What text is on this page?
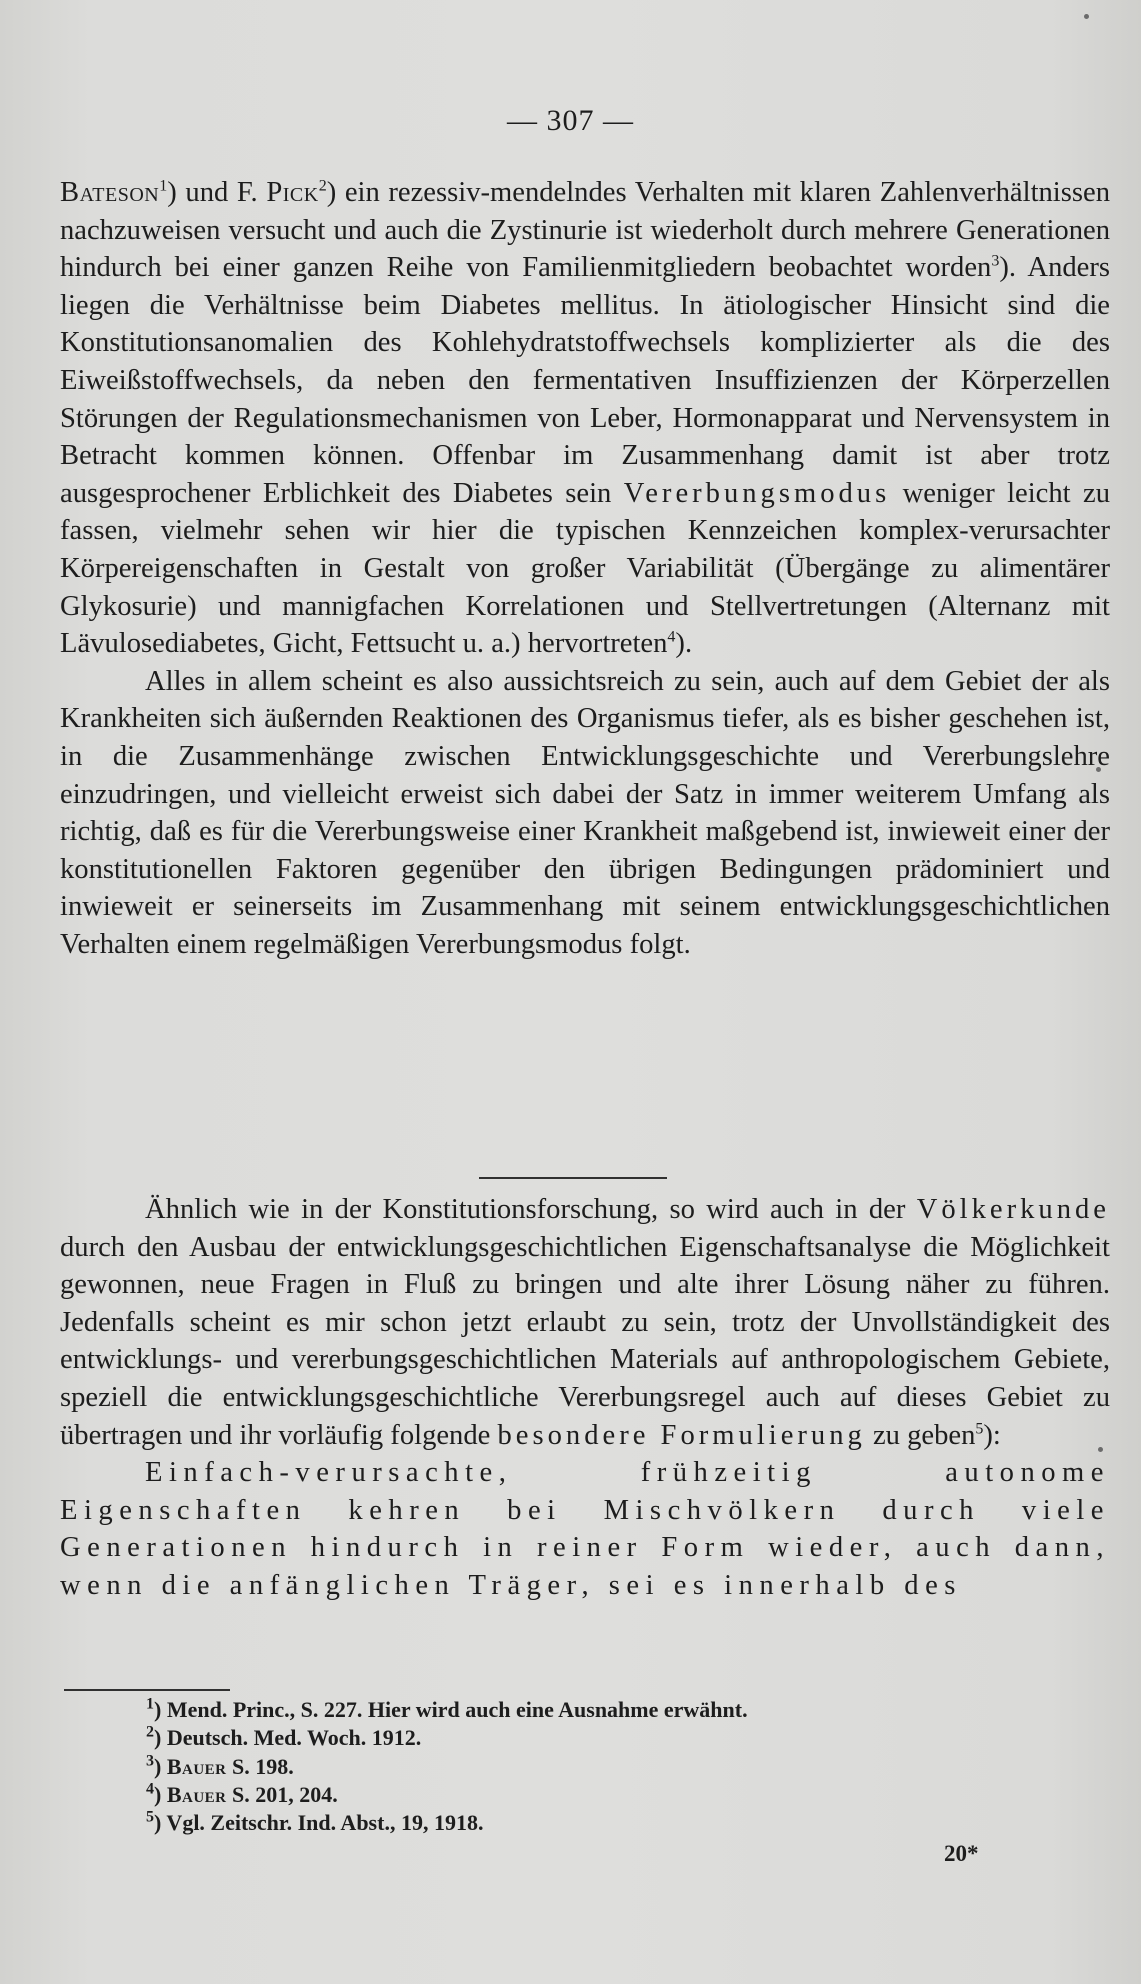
— 307 —

Bateson$^1$) und F. Pick$^2$) ein rezessiv-mendelndes Verhalten mit klaren Zahlenverhältnissen nachzuweisen versucht und auch die Zystinurie ist wiederholt durch mehrere Generationen hindurch bei einer ganzen Reihe von Familienmitgliedern beobachtet worden$^3$). Anders liegen die Verhältnisse beim Diabetes mellitus. In ätiologischer Hinsicht sind die Konstitutionsanomalien des Kohlehydratstoffwechsels komplizierter als die des Eiweißstoffwechsels, da neben den fermentativen Insuffizienzen der Körperzellen Störungen der Regulationsmechanismen von Leber, Hormonapparat und Nervensystem in Betracht kommen können. Offenbar im Zusammenhang damit ist aber trotz ausgesprochener Erblichkeit des Diabetes sein Vererbungsmodus weniger leicht zu fassen, vielmehr sehen wir hier die typischen Kennzeichen komplex-verursachter Körpereigenschaften in Gestalt von großer Variabilität (Übergänge zu alimentärer Glykosurie) und mannigfachen Korrelationen und Stellvertretungen (Alternanz mit Lävulosediabetes, Gicht, Fettsucht u. a.) hervortreten$^4$).

Alles in allem scheint es also aussichtsreich zu sein, auch auf dem Gebiet der als Krankheiten sich äußernden Reaktionen des Organismus tiefer, als es bisher geschehen ist, in die Zusammenhänge zwischen Entwicklungsgeschichte und Vererbungslehre einzudringen, und vielleicht erweist sich dabei der Satz in immer weiterem Umfang als richtig, daß es für die Vererbungsweise einer Krankheit maßgebend ist, inwieweit einer der konstitutionellen Faktoren gegenüber den übrigen Bedingungen prädominiert und inwieweit er seinerseits im Zusammenhang mit seinem entwicklungsgeschichtlichen Verhalten einem regelmäßigen Vererbungsmodus folgt.

Ähnlich wie in der Konstitutionsforschung, so wird auch in der Völkerkunde durch den Ausbau der entwicklungsgeschichtlichen Eigenschaftsanalyse die Möglichkeit gewonnen, neue Fragen in Fluß zu bringen und alte ihrer Lösung näher zu führen. Jedenfalls scheint es mir schon jetzt erlaubt zu sein, trotz der Unvollständigkeit des entwicklungs- und vererbungsgeschichtlichen Materials auf anthropologischem Gebiete, speziell die entwicklungsgeschichtliche Vererbungsregel auch auf dieses Gebiet zu übertragen und ihr vorläufig folgende besondere Formulierung zu geben$^5$):

Einfach-verursachte, frühzeitig autonome Eigenschaften kehren bei Mischvölkern durch viele Generationen hindurch in reiner Form wieder, auch dann, wenn die anfänglichen Träger, sei es innerhalb des

$^1$) Mend. Princ., S. 227. Hier wird auch eine Ausnahme erwähnt.
$^2$) Deutsch. Med. Woch. 1912.
$^3$) Bauer S. 198.
$^4$) Bauer S. 201, 204.
$^5$) Vgl. Zeitschr. Ind. Abst., 19, 1918.
20*
